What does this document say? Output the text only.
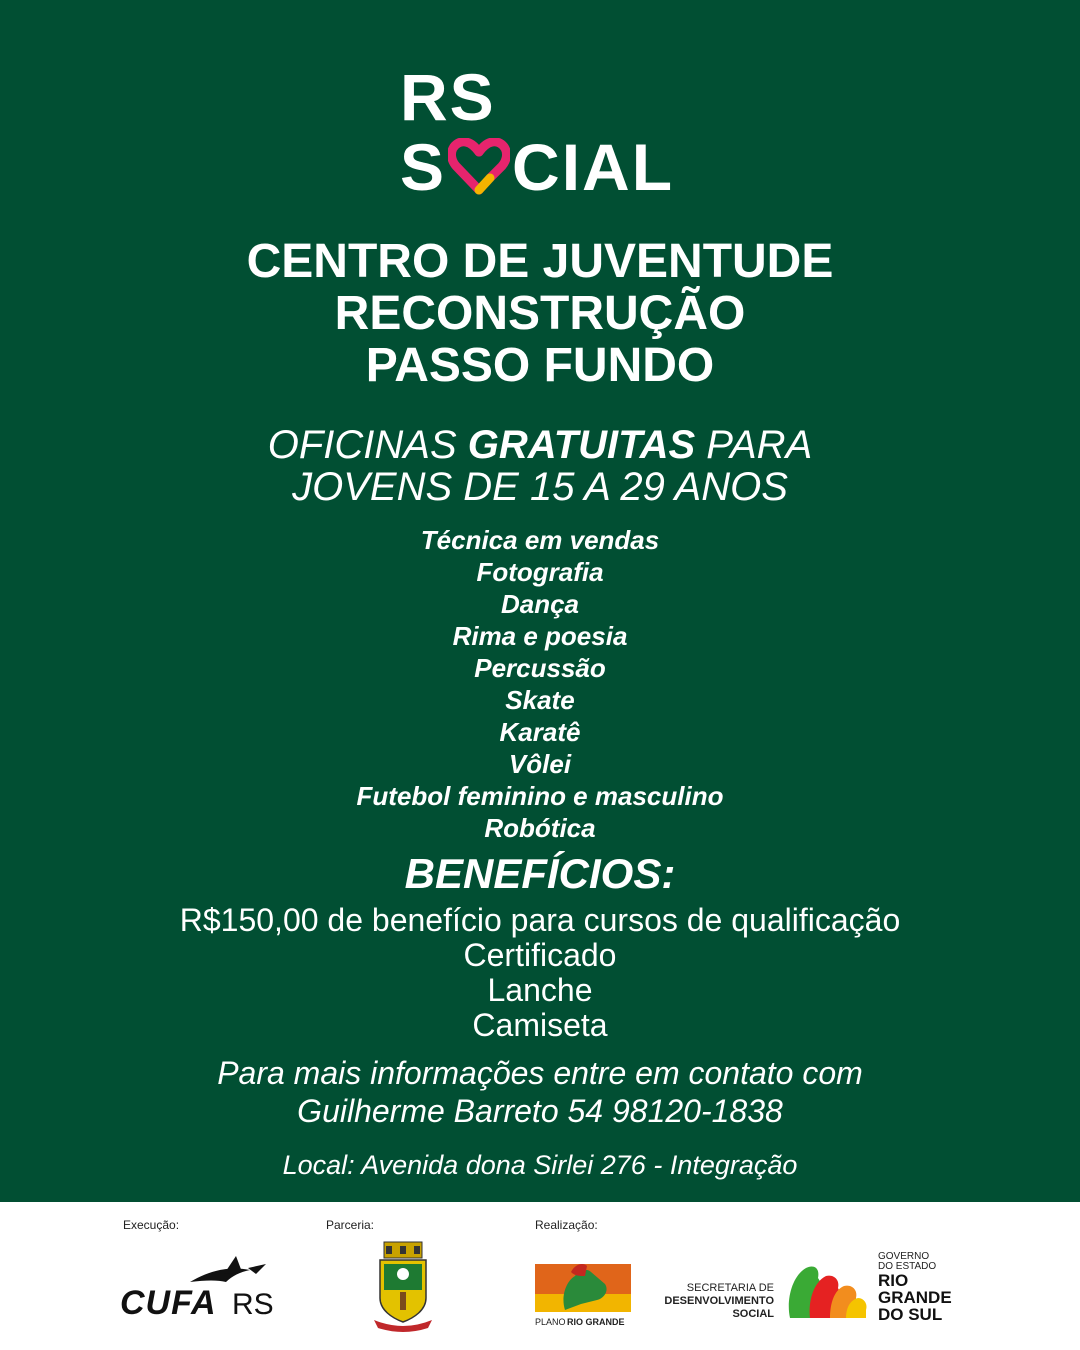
RS
S CIAL
CENTRO DE JUVENTUDE
RECONSTRUÇÃO
PASSO FUNDO
OFICINAS GRATUITAS PARA
JOVENS DE 15 A 29 ANOS
Técnica em vendas
Fotografia
Dança
Rima e poesia
Percussão
Skate
Karatê
Vôlei
Futebol feminino e masculino
Robótica
BENEFÍCIOS:
R$150,00 de benefício para cursos de qualificação
Certificado
Lanche
Camiseta
Para mais informações entre em contato com
Guilherme Barreto 54 98120-1838
Local: Avenida dona Sirlei 276 - Integração
Execução:	Parceria:	Realização:
CUFA RS
PLANO RIO GRANDE
SECRETARIA DE
DESENVOLVIMENTO
SOCIAL
GOVERNO
DO ESTADO
RIO
GRANDE
DO SUL
